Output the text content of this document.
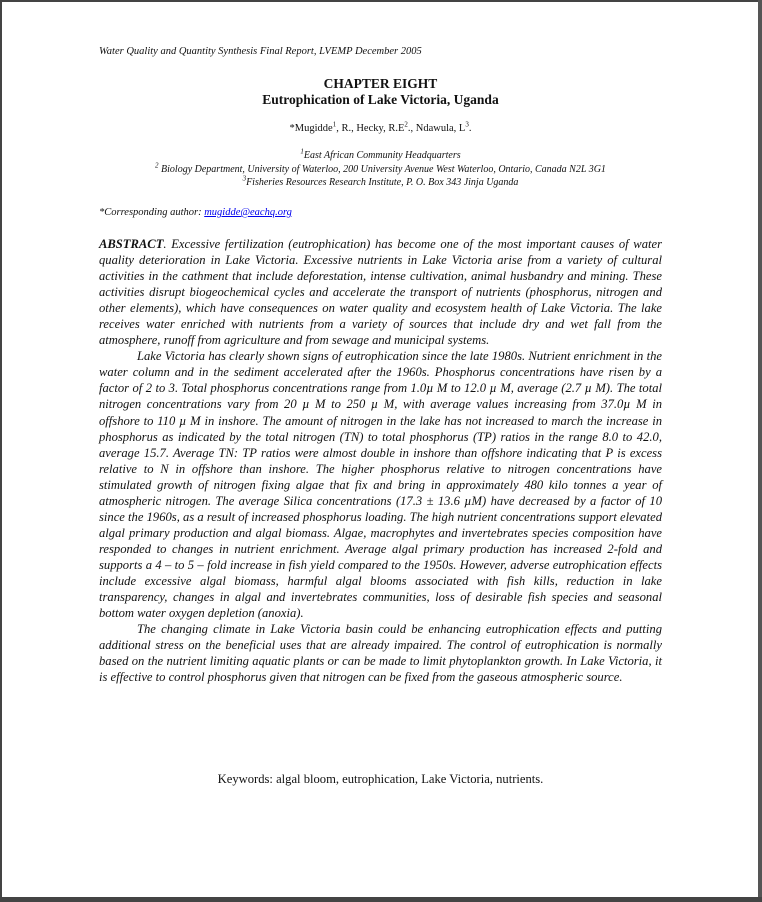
Water Quality and Quantity Synthesis Final Report, LVEMP December 2005
CHAPTER EIGHT
Eutrophication of Lake Victoria, Uganda
*Mugidde$^1$, R., Hecky, $R.E^2$., Ndawula, $L^3$.
$^1$East African Community Headquarters
$^2$ Biology Department, University of Waterloo, 200 University Avenue West Waterloo, Ontario, Canada N2L 3G1
$^3$Fisheries Resources Research Institute, P. O. Box 343 Jinja Uganda
*Corresponding author: mugidde@eachq.org

ABSTRACT. Excessive fertilization (eutrophication) has become one of the most important causes of water quality deterioration in Lake Victoria. Excessive nutrients in Lake Victoria arise from a variety of cultural activities in the cathment that include deforestation, intense cultivation, animal husbandry and mining. These activities disrupt biogeochemical cycles and accelerate the transport of nutrients (phosphorus, nitrogen and other elements), which have consequences on water quality and ecosystem health of Lake Victoria. The lake receives water enriched with nutrients from a variety of sources that include dry and wet fall from the atmosphere, runoff from agriculture and from sewage and municipal systems.

Lake Victoria has clearly shown signs of eutrophication since the late 1980s. Nutrient enrichment in the water column and in the sediment accelerated after the 1960s. Phosphorus concentrations have risen by a factor of 2 to 3. Total phosphorus concentrations range from 1.0µ M to 12.0 µ M, average (2.7 µ M). The total nitrogen concentrations vary from 20 µ M to 250 µ M, with average values increasing from 37.0µ M in offshore to 110 µ M in inshore. The amount of nitrogen in the lake has not increased to march the increase in phosphorus as indicated by the total nitrogen (TN) to total phosphorus (TP) ratios in the range 8.0 to 42.0, average 15.7. Average TN: TP ratios were almost double in inshore than offshore indicating that P is excess relative to N in offshore than inshore. The higher phosphorus relative to nitrogen concentrations have stimulated growth of nitrogen fixing algae that fix and bring in approximately 480 kilo tonnes a year of atmospheric nitrogen. The average Silica concentrations (17.3 ± 13.6 µM) have decreased by a factor of 10 since the 1960s, as a result of increased phosphorus loading. The high nutrient concentrations support elevated algal primary production and algal biomass. Algae, macrophytes and invertebrates species composition have responded to changes in nutrient enrichment. Average algal primary production has increased 2-fold and supports a 4 – to 5 – fold increase in fish yield compared to the 1950s. However, adverse eutrophication effects include excessive algal biomass, harmful algal blooms associated with fish kills, reduction in lake transparency, changes in algal and invertebrates communities, loss of desirable fish species and seasonal bottom water oxygen depletion (anoxia).

The changing climate in Lake Victoria basin could be enhancing eutrophication effects and putting additional stress on the beneficial uses that are already impaired. The control of eutrophication is normally based on the nutrient limiting aquatic plants or can be made to limit phytoplankton growth. In Lake Victoria, it is effective to control phosphorus given that nitrogen can be fixed from the gaseous atmospheric source.

Keywords: algal bloom, eutrophication, Lake Victoria, nutrients.
